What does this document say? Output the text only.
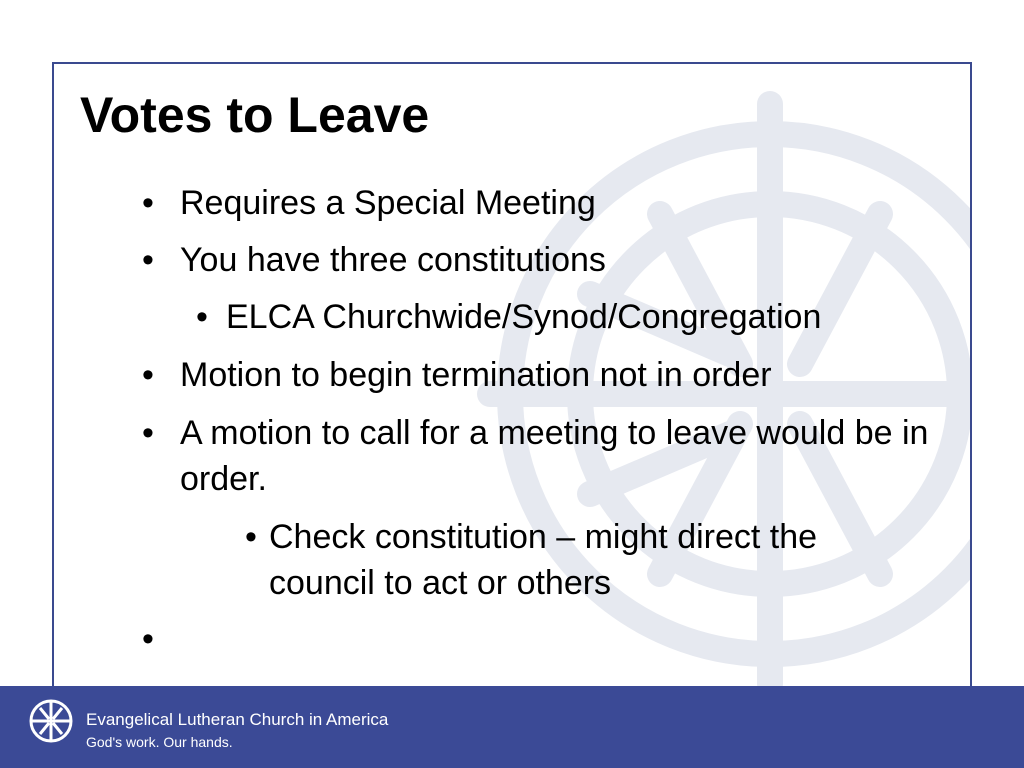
Votes to Leave
• Requires a Special Meeting
• You have three constitutions
• ELCA Churchwide/Synod/Congregation
• Motion to begin termination not in order
• A motion to call for a meeting to leave would be in order.
• Check constitution – might direct the council to act or others
•
Evangelical Lutheran Church in America
God's work. Our hands.
